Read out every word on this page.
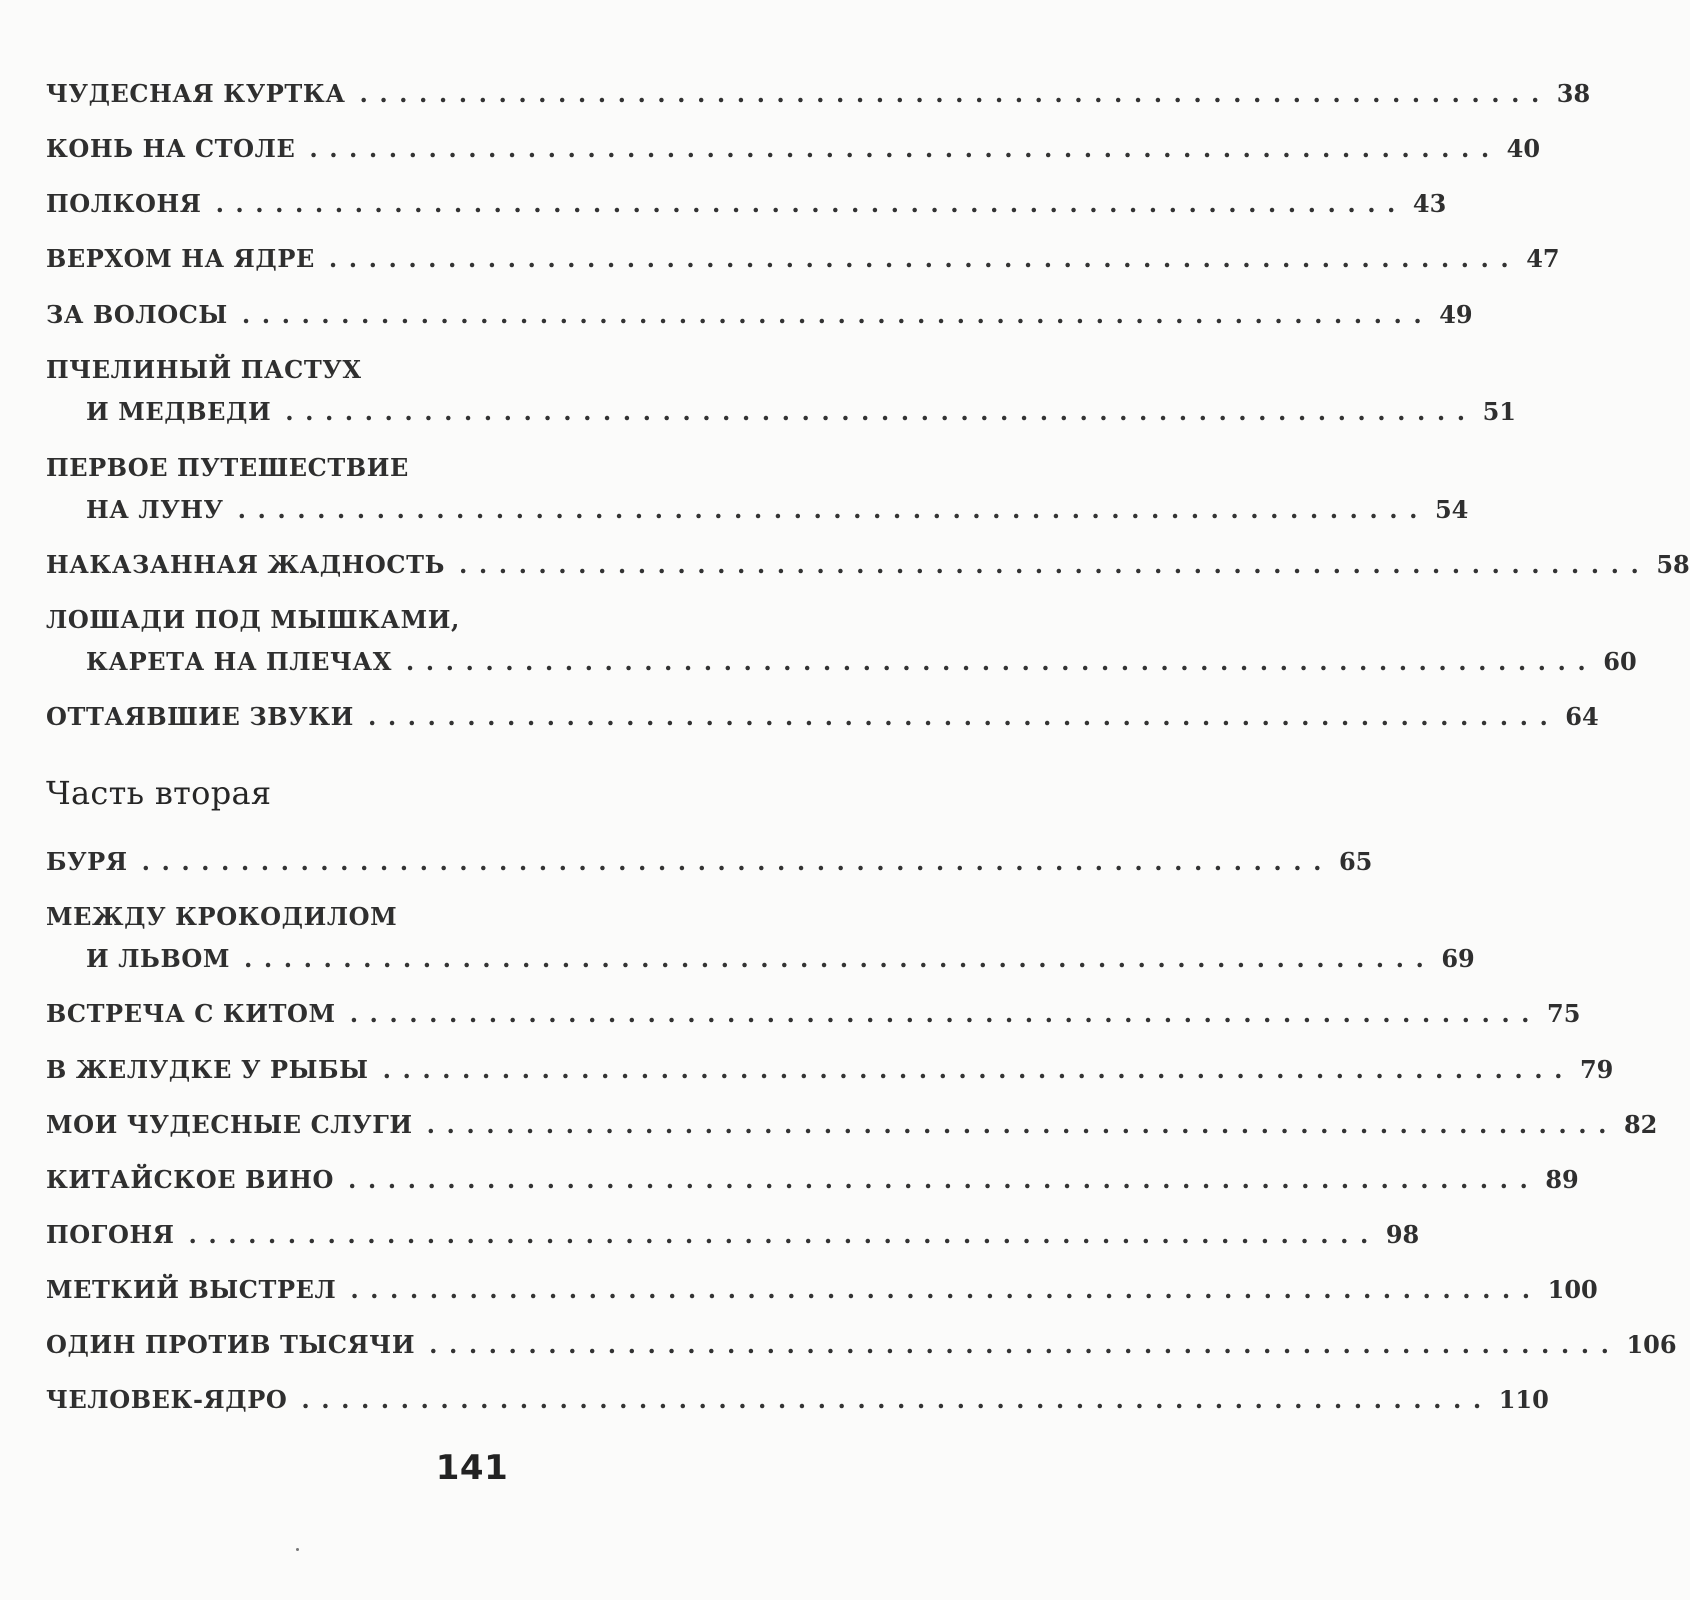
ЧУДЕСНАЯ КУРТКА ............................................................ 38
КОНЬ НА СТОЛЕ ............................................................ 40
ПОЛКОНЯ ............................................................ 43
ВЕРХОМ НА ЯДРЕ ............................................................ 47
ЗА ВОЛОСЫ ............................................................ 49
ПЧЕЛИНЫЙ ПАСТУХ
И МЕДВЕДИ ............................................................ 51
ПЕРВОЕ ПУТЕШЕСТВИЕ
НА ЛУНУ ............................................................ 54
НАКАЗАННАЯ ЖАДНОСТЬ ............................................................ 58
ЛОШАДИ ПОД МЫШКАМИ,
КАРЕТА НА ПЛЕЧАХ ............................................................ 60
ОТТАЯВШИЕ ЗВУКИ ............................................................ 64
Часть вторая
БУРЯ ............................................................ 65
МЕЖДУ КРОКОДИЛОМ
И ЛЬВОМ ............................................................ 69
ВСТРЕЧА С КИТОМ ............................................................ 75
В ЖЕЛУДКЕ У РЫБЫ ............................................................ 79
МОИ ЧУДЕСНЫЕ СЛУГИ ............................................................ 82
КИТАЙСКОЕ ВИНО ............................................................ 89
ПОГОНЯ ............................................................ 98
МЕТКИЙ ВЫСТРЕЛ ............................................................ 100
ОДИН ПРОТИВ ТЫСЯЧИ ............................................................ 106
ЧЕЛОВЕК-ЯДРО ............................................................ 110
141
